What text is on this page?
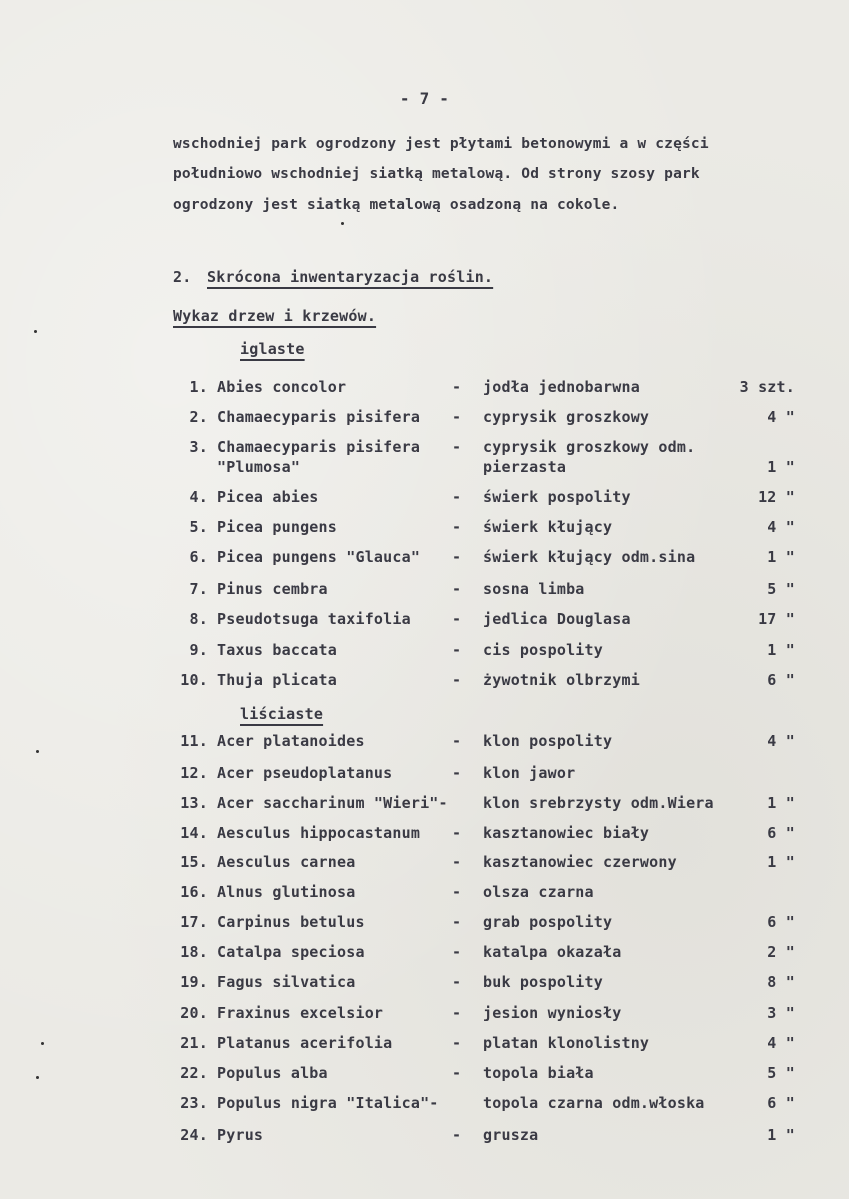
- 7 -
wschodniej park ogrodzony jest płytami betonowymi a w części
południowo wschodniej siatką metalową. Od strony szosy park
ogrodzony jest siatką metalową osadzoną na cokole.
2. Skrócona inwentaryzacja roślin.
Wykaz drzew i krzewów.
iglaste
1. Abies concolor	- jodła jednobarwna	3 szt.
2. Chamaecyparis pisifera - cyprysik groszkowy	4 "
3. Chamaecyparis pisifera
"Plumosa"
- cyprysik groszkowy odm.
pierzasta	1 "
4. Picea abies	- świerk pospolity	12 "
5. Picea pungens	- świerk kłujący	4 "
6. Picea pungens "Glauca" - świerk kłujący odm.sina	1 "
7. Pinus cembra	- sosna limba	5 "
8. Pseudotsuga taxifolia	- jedlica Douglasa	17 "
9. Taxus baccata	- cis pospolity	1 "
10. Thuja plicata	- żywotnik olbrzymi	6 "
liściaste
11. Acer platanoides	- klon pospolity	4 "
12. Acer pseudoplatanus	- klon jawor
13. Acer saccharinum "Wieri"- klon srebrzysty odm.Wiera	1 "
14. Aesculus hippocastanum - kasztanowiec biały	6 "
15. Aesculus carnea	- kasztanowiec czerwony	1 "
16. Alnus glutinosa	- olsza czarna
17. Carpinus betulus	- grab pospolity	6 "
18. Catalpa speciosa	- katalpa okazała	2 "
19. Fagus silvatica	- buk pospolity	8 "
20. Fraxinus excelsior	- jesion wyniosły	3 "
21. Platanus acerifolia	- platan klonolistny	4 "
22. Populus alba	- topola biała	5 "
23. Populus nigra "Italica"-	topola czarna odm.włoska	6 "
24. Pyrus	- grusza	1 "
